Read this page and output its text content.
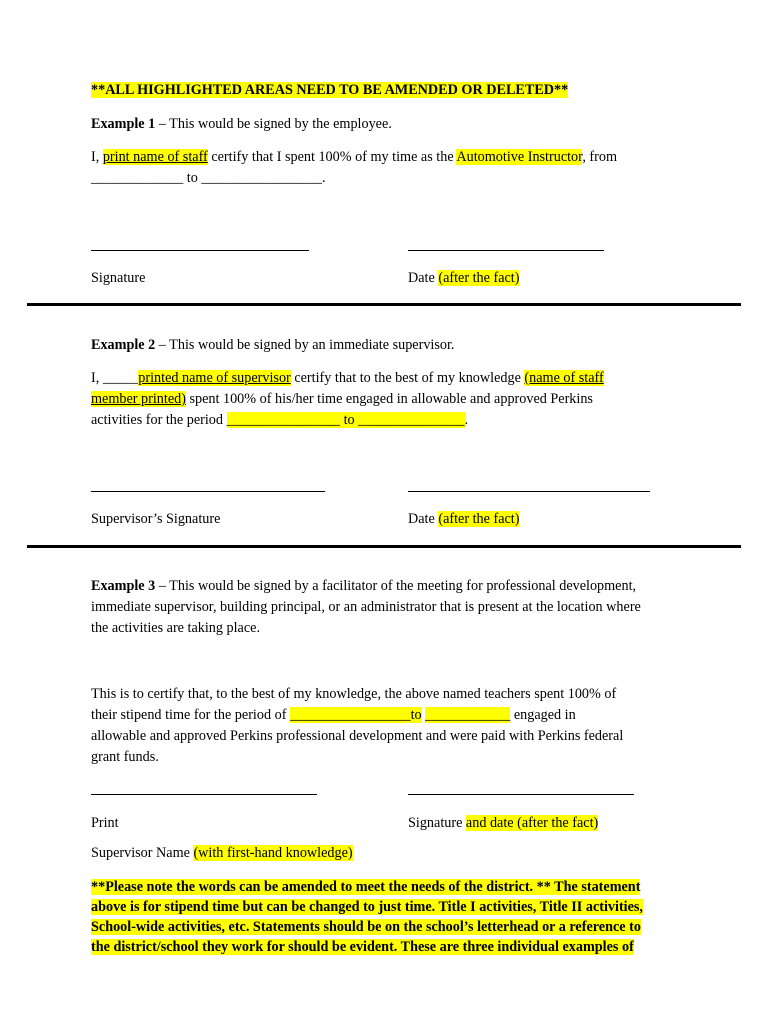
**ALL HIGHLIGHTED AREAS NEED TO BE AMENDED OR DELETED**
Example 1 – This would be signed by the employee.
I, print name of staff certify that I spent 100% of my time as the Automotive Instructor, from
_____________ to _________________.
Signature	Date (after the fact)
Example 2 – This would be signed by an immediate supervisor.
I, _____printed name of supervisor certify that to the best of my knowledge (name of staff
member printed) spent 100% of his/her time engaged in allowable and approved Perkins
activities for the period ________________ to _______________.
Supervisor’s Signature	Date (after the fact)
Example 3 – This would be signed by a facilitator of the meeting for professional development,
immediate supervisor, building principal, or an administrator that is present at the location where
the activities are taking place.
This is to certify that, to the best of my knowledge, the above named teachers spent 100% of
their stipend time for the period of _________________to ____________ engaged in
allowable and approved Perkins professional development and were paid with Perkins federal
grant funds.
Print	Signature and date (after the fact)
Supervisor Name (with first-hand knowledge)
**Please note the words can be amended to meet the needs of the district. ** The statement
above is for stipend time but can be changed to just time. Title I activities, Title II activities,
School-wide activities, etc. Statements should be on the school’s letterhead or a reference to
the district/school they work for should be evident. These are three individual examples of
